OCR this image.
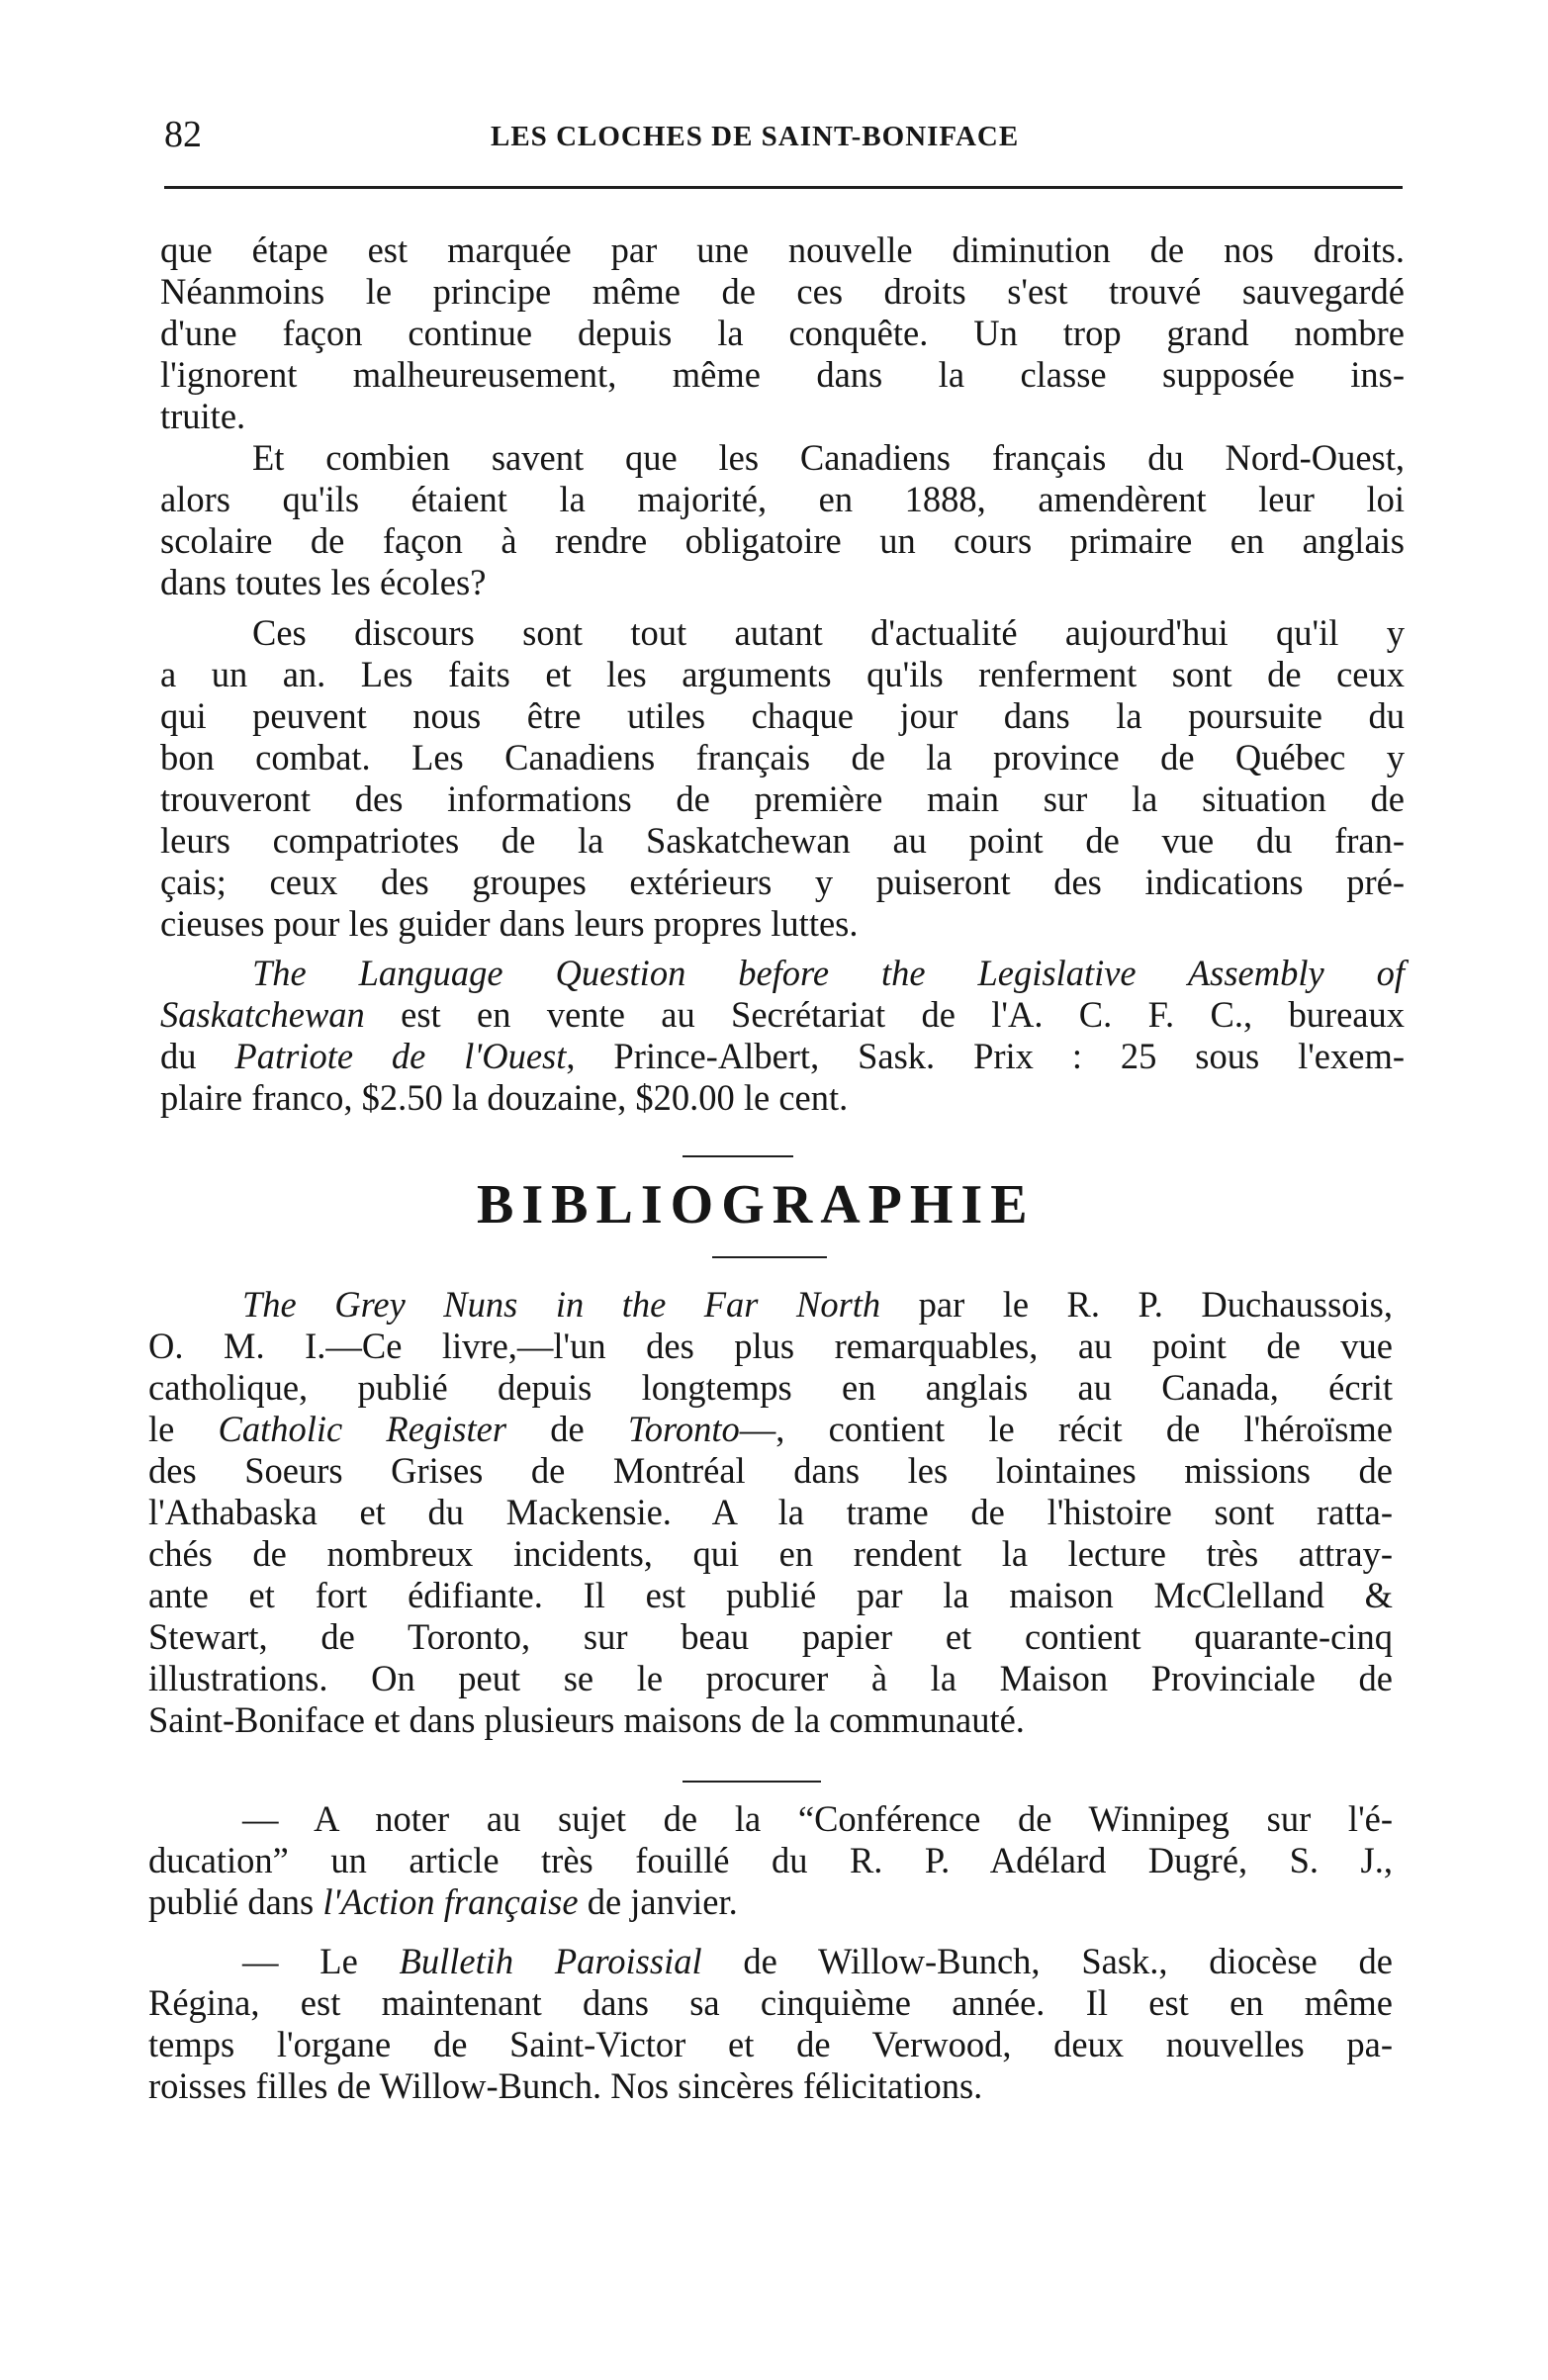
82	LES CLOCHES DE SAINT-BONIFACE
que étape est marquée par une nouvelle diminution de nos droits.
Néanmoins le principe même de ces droits s'est trouvé sauvegardé
d'une façon continue depuis la conquête. Un trop grand nombre
l'ignorent malheureusement, même dans la classe supposée ins-
truite.
Et combien savent que les Canadiens français du Nord-Ouest,
alors qu'ils étaient la majorité, en 1888, amendèrent leur loi
scolaire de façon à rendre obligatoire un cours primaire en anglais
dans toutes les écoles?
Ces discours sont tout autant d'actualité aujourd'hui qu'il y
a un an. Les faits et les arguments qu'ils renferment sont de ceux
qui peuvent nous être utiles chaque jour dans la poursuite du
bon combat. Les Canadiens français de la province de Québec y
trouveront des informations de première main sur la situation de
leurs compatriotes de la Saskatchewan au point de vue du fran-
çais; ceux des groupes extérieurs y puiseront des indications pré-
cieuses pour les guider dans leurs propres luttes.
The Language Question before the Legislative Assembly of
Saskatchewan est en vente au Secrétariat de l'A. C. F. C., bureaux
du Patriote de l'Ouest, Prince-Albert, Sask. Prix : 25 sous l'exem-
plaire franco, $2.50 la douzaine, $20.00 le cent.
BIBLIOGRAPHIE
The Grey Nuns in the Far North par le R. P. Duchaussois,
O. M. I.—Ce livre,—l'un des plus remarquables, au point de vue
catholique, publié depuis longtemps en anglais au Canada, écrit
le Catholic Register de Toronto—, contient le récit de l'héroïsme
des Soeurs Grises de Montréal dans les lointaines missions de
l'Athabaska et du Mackensie. A la trame de l'histoire sont ratta-
chés de nombreux incidents, qui en rendent la lecture très attray-
ante et fort édifiante. Il est publié par la maison McClelland &
Stewart, de Toronto, sur beau papier et contient quarante-cinq
illustrations. On peut se le procurer à la Maison Provinciale de
Saint-Boniface et dans plusieurs maisons de la communauté.
— A noter au sujet de la “Conférence de Winnipeg sur l'é-
ducation” un article très fouillé du R. P. Adélard Dugré, S. J.,
publié dans l'Action française de janvier.
— Le Bulletih Paroissial de Willow-Bunch, Sask., diocèse de
Régina, est maintenant dans sa cinquième année. Il est en même
temps l'organe de Saint-Victor et de Verwood, deux nouvelles pa-
roisses filles de Willow-Bunch. Nos sincères félicitations.
